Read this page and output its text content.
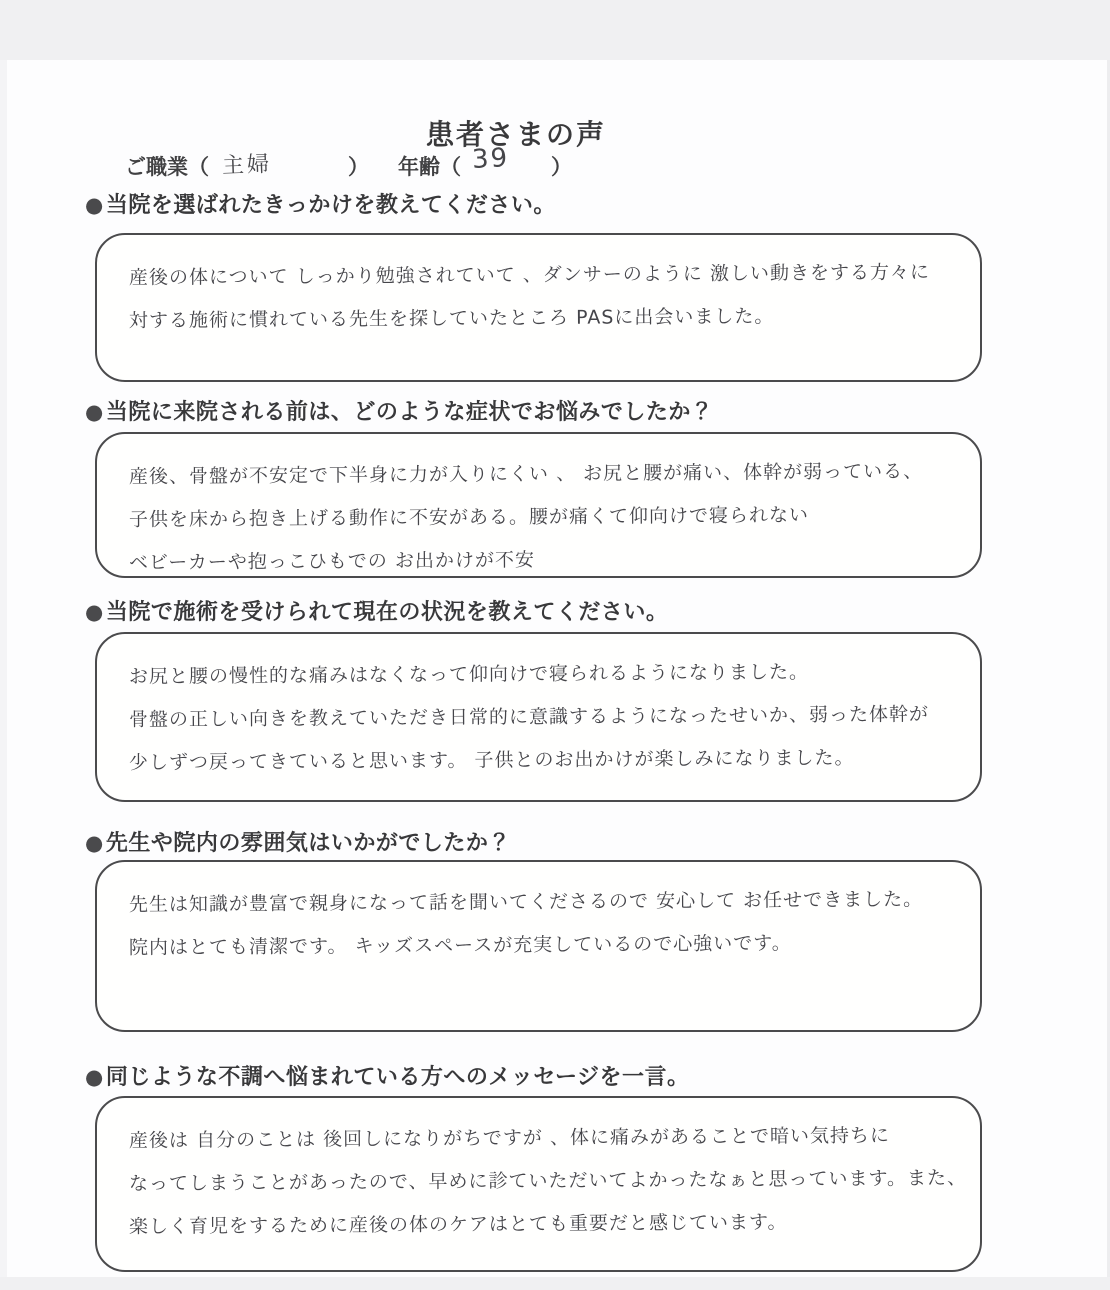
患者さまの声
ご職業（ 主婦	） 年齢（ 39 ）
●当院を選ばれたきっかけを教えてください。
産後の体について しっかり勉強されていて 、ダンサーのように 激しい動きをする方々に
対する施術に慣れている先生を探していたところ PASに出会いました。
●当院に来院される前は、どのような症状でお悩みでしたか？
産後、骨盤が不安定で下半身に力が入りにくい 、 お尻と腰が痛い、体幹が弱っている、
子供を床から抱き上げる動作に不安がある。腰が痛くて仰向けで寝られない
ベビーカーや抱っこひもでの お出かけが不安
●当院で施術を受けられて現在の状況を教えてください。
お尻と腰の慢性的な痛みはなくなって仰向けで寝られるようになりました。
骨盤の正しい向きを教えていただき日常的に意識するようになったせいか、弱った体幹が
少しずつ戻ってきていると思います。 子供とのお出かけが楽しみになりました。
●先生や院内の雰囲気はいかがでしたか？
先生は知識が豊富で親身になって話を聞いてくださるので 安心して お任せできました。
院内はとても清潔です。 キッズスペースが充実しているので心強いです。
●同じような不調へ悩まれている方へのメッセージを一言。
産後は 自分のことは 後回しになりがちですが 、体に痛みがあることで暗い気持ちに
なってしまうことがあったので、早めに診ていただいてよかったなぁと思っています。また、
楽しく育児をするために産後の体のケアはとても重要だと感じています。
